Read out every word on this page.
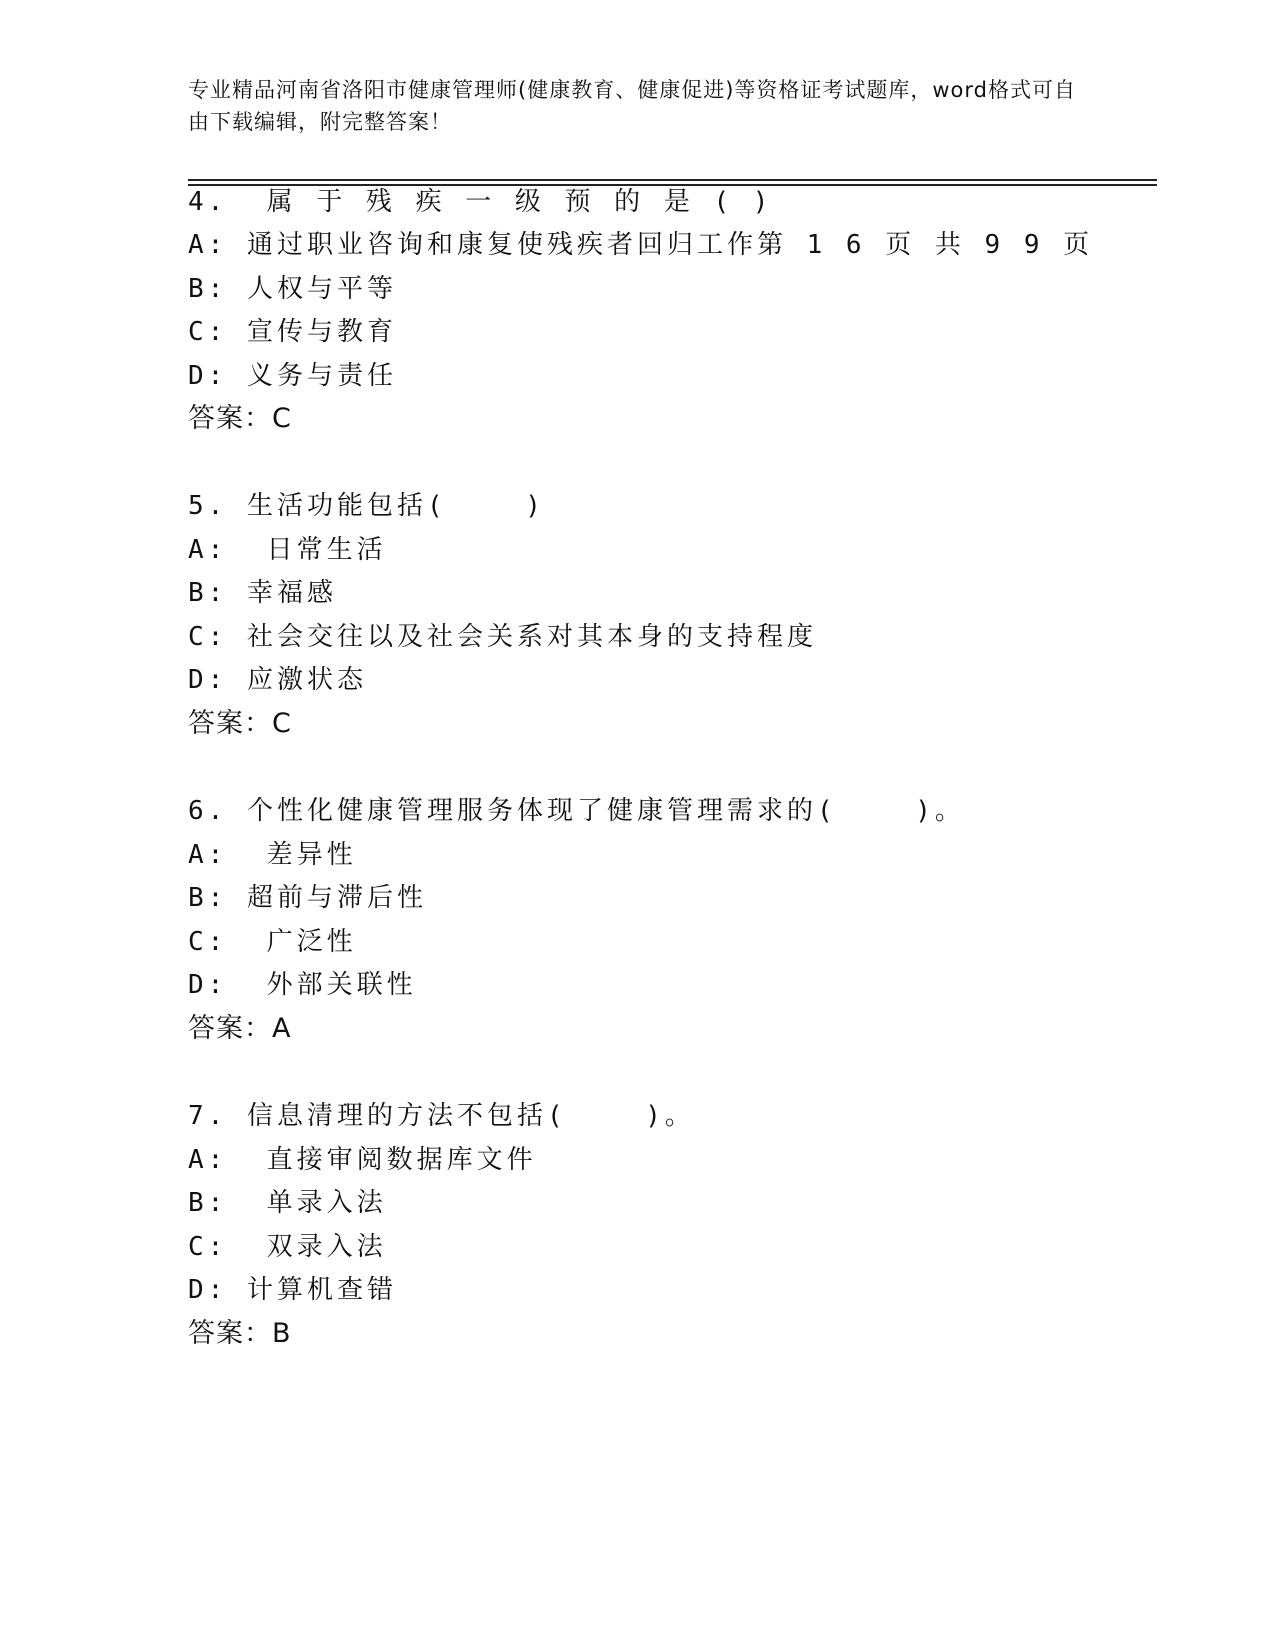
专业精品河南省洛阳市健康管理师(健康教育、健康促进)等资格证考试题库，word格式可自由下载编辑，附完整答案！
4.  属 于 残 疾 一 级 预 的 是 ( )
A: 通过职业咨询和康复使残疾者回归工作第 1 6 页 共 9 9 页
B: 人权与平等
C: 宣传与教育
D: 义务与责任
答案：C
5. 生活功能包括(    )
A:  日常生活
B: 幸福感
C: 社会交往以及社会关系对其本身的支持程度
D: 应激状态
答案：C
6. 个性化健康管理服务体现了健康管理需求的(    )。
A:  差异性
B: 超前与滞后性
C:  广泛性
D:  外部关联性
答案：A
7. 信息清理的方法不包括(    )。
A:  直接审阅数据库文件
B:  单录入法
C:  双录入法
D: 计算机查错
答案：B
